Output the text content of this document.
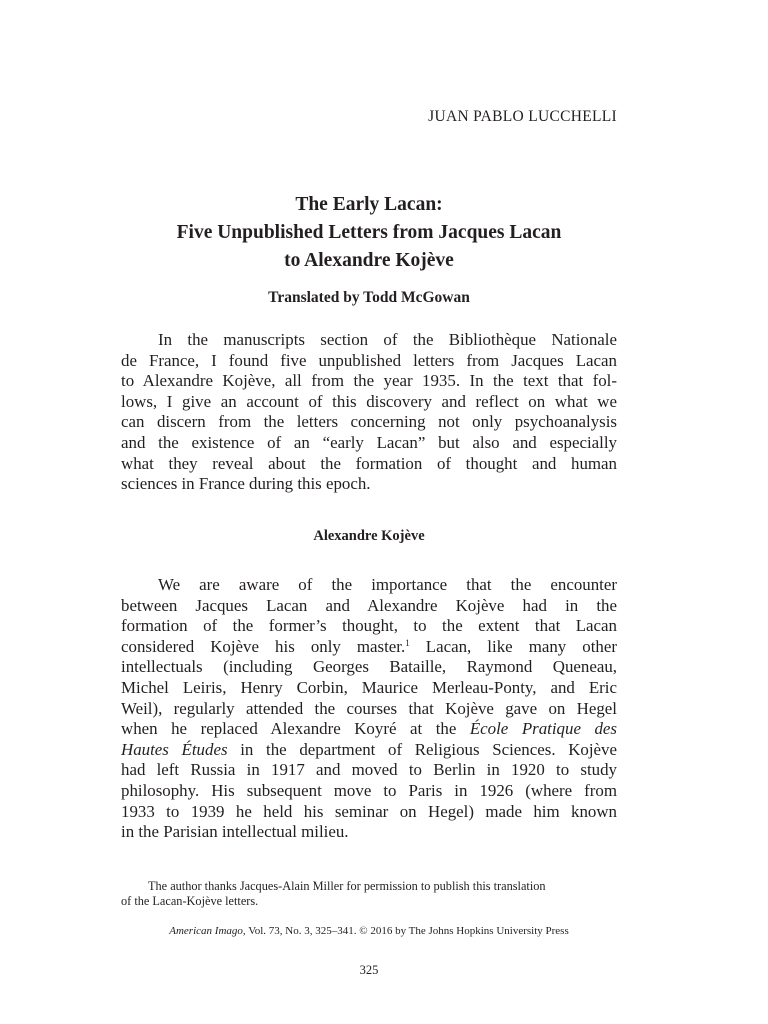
JUAN PABLO LUCCHELLI

The Early Lacan:
Five Unpublished Letters from Jacques Lacan
to Alexandre Kojève

Translated by Todd McGowan

In the manuscripts section of the Bibliothèque Nationale
de France, I found five unpublished letters from Jacques Lacan
to Alexandre Kojève, all from the year 1935. In the text that fol-
lows, I give an account of this discovery and reflect on what we
can discern from the letters concerning not only psychoanalysis
and the existence of an “early Lacan” but also and especially
what they reveal about the formation of thought and human
sciences in France during this epoch.

Alexandre Kojève

We are aware of the importance that the encounter
between Jacques Lacan and Alexandre Kojève had in the
formation of the former’s thought, to the extent that Lacan
considered Kojève his only master.$^1$ Lacan, like many other
intellectuals (including Georges Bataille, Raymond Queneau,
Michel Leiris, Henry Corbin, Maurice Merleau-Ponty, and Eric
Weil), regularly attended the courses that Kojève gave on Hegel
when he replaced Alexandre Koyré at the École Pratique des
Hautes Études in the department of Religious Sciences. Kojève
had left Russia in 1917 and moved to Berlin in 1920 to study
philosophy. His subsequent move to Paris in 1926 (where from
1933 to 1939 he held his seminar on Hegel) made him known
in the Parisian intellectual milieu.

The author thanks Jacques-Alain Miller for permission to publish this translation
of the Lacan-Kojève letters.

American Imago, Vol. 73, No. 3, 325–341. © 2016 by The Johns Hopkins University Press

325
